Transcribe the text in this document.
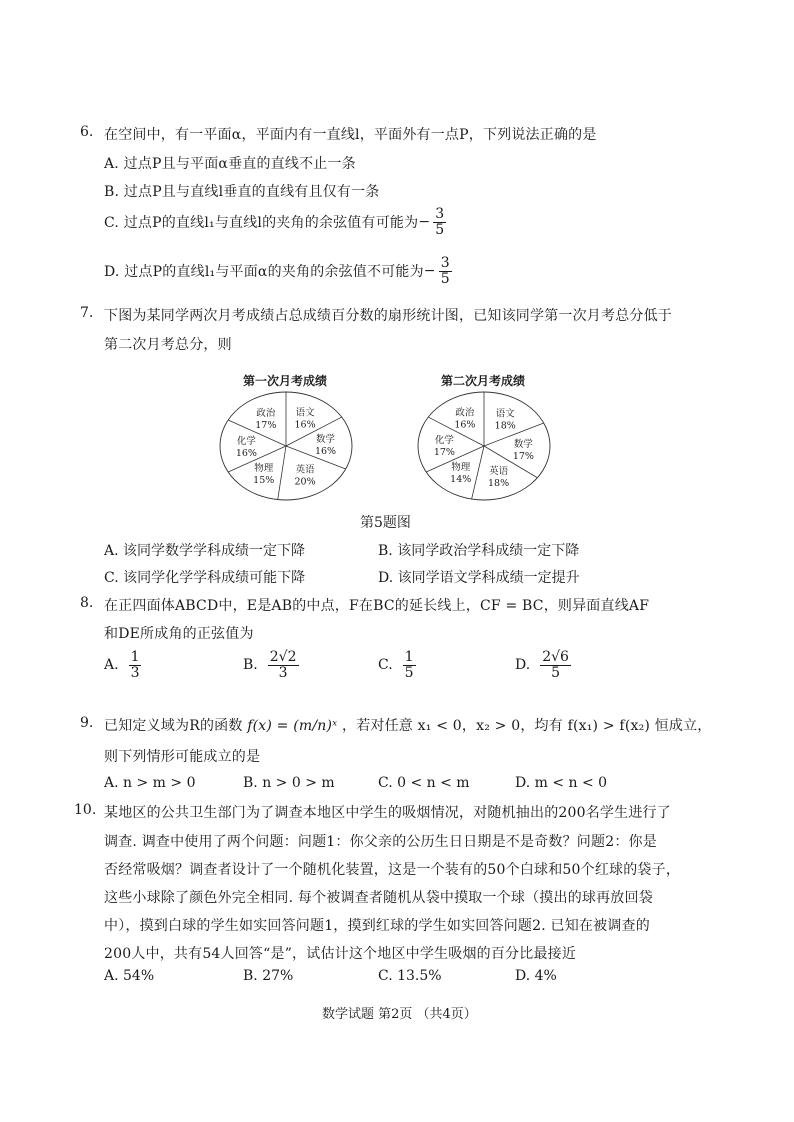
6. 在空间中，有一平面α，平面内有一直线l，平面外有一点P，下列说法正确的是
A. 过点P且与平面α垂直的直线不止一条
B. 过点P且与直线l垂直的直线有且仅有一条
C. 过点P的直线l₁与直线l的夹角的余弦值有可能为 − $\frac{3}{5}$
D. 过点P的直线l₁与平面α的夹角的余弦值不可能为 − $\frac{3}{5}$
7. 下图为某同学两次月考成绩占总成绩百分数的扇形统计图，已知该同学第一次月考总分低于
第二次月考总分，则
第一次月考成绩	第二次月考成绩
政治
17%
语文
16%
数学
16%
英语
20%
物理
15%
化学
16%
政治
16%
语文
18%
数学
17%
英语
18%
物理
14%
化学
17%
第5题图
A. 该同学数学学科成绩一定下降	B. 该同学政治学科成绩一定下降
C. 该同学化学学科成绩可能下降	D. 该同学语文学科成绩一定提升
8. 在正四面体ABCD中，E是AB的中点，F在BC的延长线上，CF = BC，则异面直线AF
和DE所成角的正弦值为
A. $\frac{1}{3}$	B. $\frac{2√2}{3}$	C. $\frac{1}{5}$	D. $\frac{2√6}{5}$
9. 已知定义域为R的函数 f(x) = (m/n)ˣ ，若对任意 x₁ < 0，x₂ > 0，均有 f(x₁) > f(x₂) 恒成立，
则下列情形可能成立的是
A. n > m > 0	B. n > 0 > m	C. 0 < n < m	D. m < n < 0
10. 某地区的公共卫生部门为了调查本地区中学生的吸烟情况，对随机抽出的200名学生进行了
调查. 调查中使用了两个问题：问题1：你父亲的公历生日日期是不是奇数？问题2：你是
否经常吸烟？调查者设计了一个随机化装置，这是一个装有的50个白球和50个红球的袋子，
这些小球除了颜色外完全相同. 每个被调查者随机从袋中摸取一个球（摸出的球再放回袋
中），摸到白球的学生如实回答问题1，摸到红球的学生如实回答问题2. 已知在被调查的
200人中，共有54人回答“是”，试估计这个地区中学生吸烟的百分比最接近
A. 54%	B. 27%	C. 13.5%	D. 4%
数学试题 第2页 （共4页）
